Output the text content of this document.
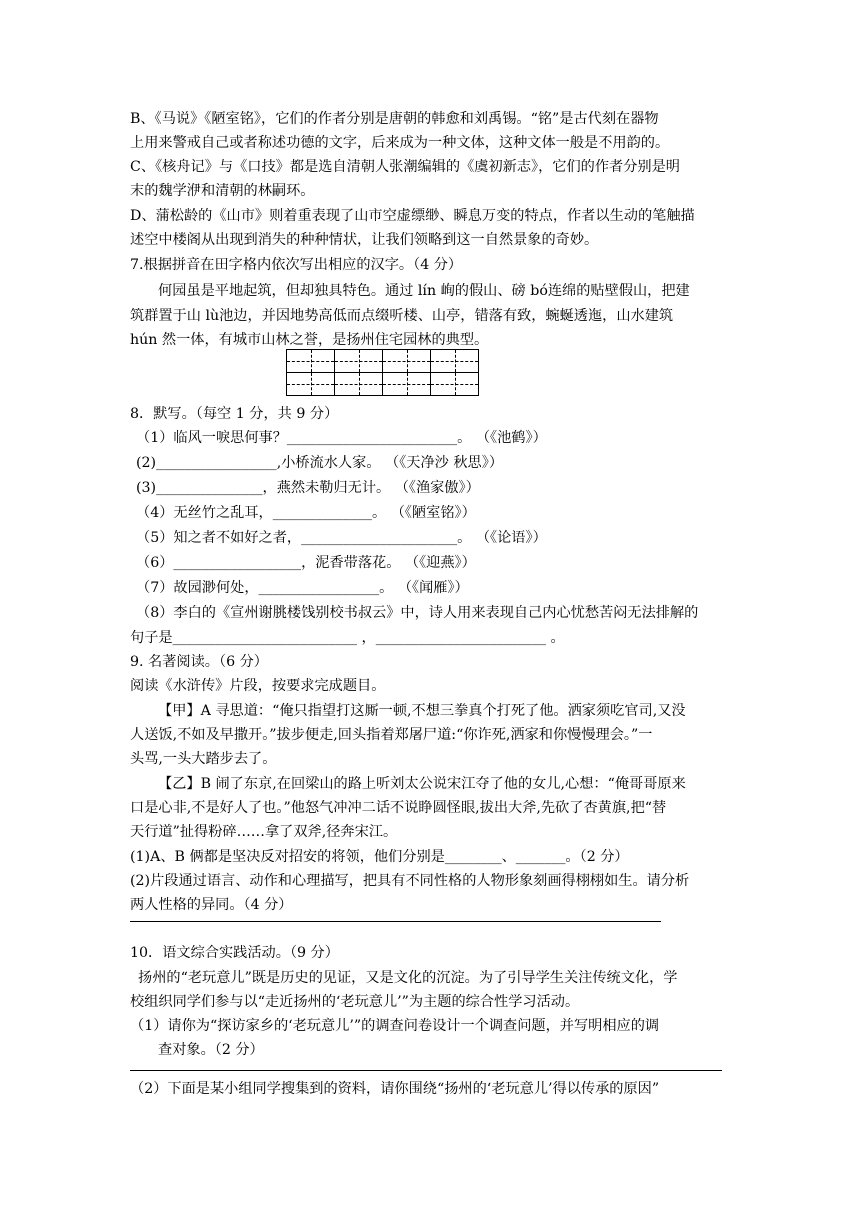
B、《马说》《陋室铭》，它们的作者分别是唐朝的韩愈和刘禹锡。“铭”是古代刻在器物
上用来警戒自己或者称述功德的文字，后来成为一种文体，这种文体一般是不用韵的。
C、《核舟记》与《口技》都是选自清朝人张潮编辑的《虞初新志》，它们的作者分别是明
末的魏学洢和清朝的林嗣环。
D、蒲松龄的《山市》则着重表现了山市空虚缥缈、瞬息万变的特点，作者以生动的笔触描
述空中楼阁从出现到消失的种种情状，让我们领略到这一自然景象的奇妙。
7.根据拼音在田字格内依次写出相应的汉字。（4 分）
何园虽是平地起筑，但却独具特色。通过 lín 峋的假山、磅 bó连绵的贴壁假山，把建
筑群置于山 lù池边，并因地势高低而点缀听楼、山亭，错落有致，蜿蜒透迤，山水建筑
hún 然一体，有城市山林之誉，是扬州住宅园林的典型。

8．默写。（每空 1 分，共 9 分）
（1）临风一唳思何事？________________________。 （《池鹤》）
(2)_________________,小桥流水人家。 （《天净沙 秋思》）
(3)_______________，燕然未勒归无计。 （《渔家傲》）
（4）无丝竹之乱耳，______________。 （《陋室铭》）
（5）知之者不如好之者，______________________。 （《论语》）
（6）__________________，泥香带落花。 （《迎燕》）
（7）故园渺何处，_________________。 （《闻雁》）
（8）李白的《宣州谢朓楼饯别校书叔云》中，诗人用来表现自己内心忧愁苦闷无法排解的
句子是__________________________ ，________________________ 。
9. 名著阅读。（6 分）
阅读《水浒传》片段，按要求完成题目。
【甲】A 寻思道：“俺只指望打这厮一顿,不想三拳真个打死了他。洒家须吃官司,又没
人送饭,不如及早撒开。”拔步便走,回头指着郑屠尸道:“你诈死,洒家和你慢慢理会。”一
头骂,一头大踏步去了。
【乙】B 闹了东京,在回梁山的路上听刘太公说宋江夺了他的女儿,心想：“俺哥哥原来
口是心非,不是好人了也。”他怒气冲冲二话不说睁圆怪眼,拔出大斧,先砍了杏黄旗,把“替
天行道”扯得粉碎……拿了双斧,径奔宋江。
(1)A、B 俩都是坚决反对招安的将领，他们分别是________、_______。（2 分）
(2)片段通过语言、动作和心理描写，把具有不同性格的人物形象刻画得栩栩如生。请分析
两人性格的异同。（4 分）
10．语文综合实践活动。（9 分）
扬州的“老玩意儿”既是历史的见证，又是文化的沉淀。为了引导学生关注传统文化，学
校组织同学们参与以“走近扬州的‘老玩意儿’”为主题的综合性学习活动。
（1）请你为“探访家乡的‘老玩意儿’”的调查问卷设计一个调查问题，并写明相应的调
查对象。（2 分）
（2）下面是某小组同学搜集到的资料，请你围绕“扬州的‘老玩意儿’得以传承的原因”
